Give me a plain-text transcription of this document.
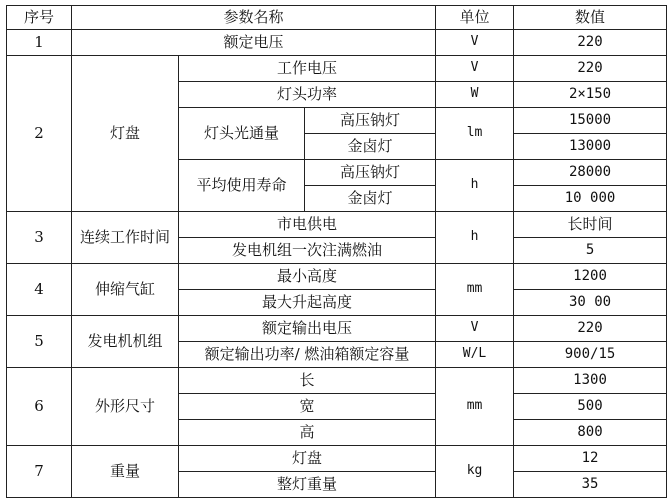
序号	参数名称			单位	数值
1	额定电压			V	220
2	灯盘	工作电压		V	220
		灯头功率		W	2×150
		灯头光通量	高压钠灯	lm	15000
			金卤灯		13000
		平均使用寿命	高压钠灯	h	28000
			金卤灯		10 000
3	连续工作时间	市电供电		h	长时间
		发电机组一次注满燃油			5
4	伸缩气缸	最小高度		mm	1200
		最大升起高度			30 00
5	发电机机组	额定输出电压		V	220
		额定输出功率/ 燃油箱额定容量		W/L	900/15
6	外形尺寸	长		mm	1300
		宽			500
		高			800
7	重量	灯盘		kg	12
		整灯重量			35
